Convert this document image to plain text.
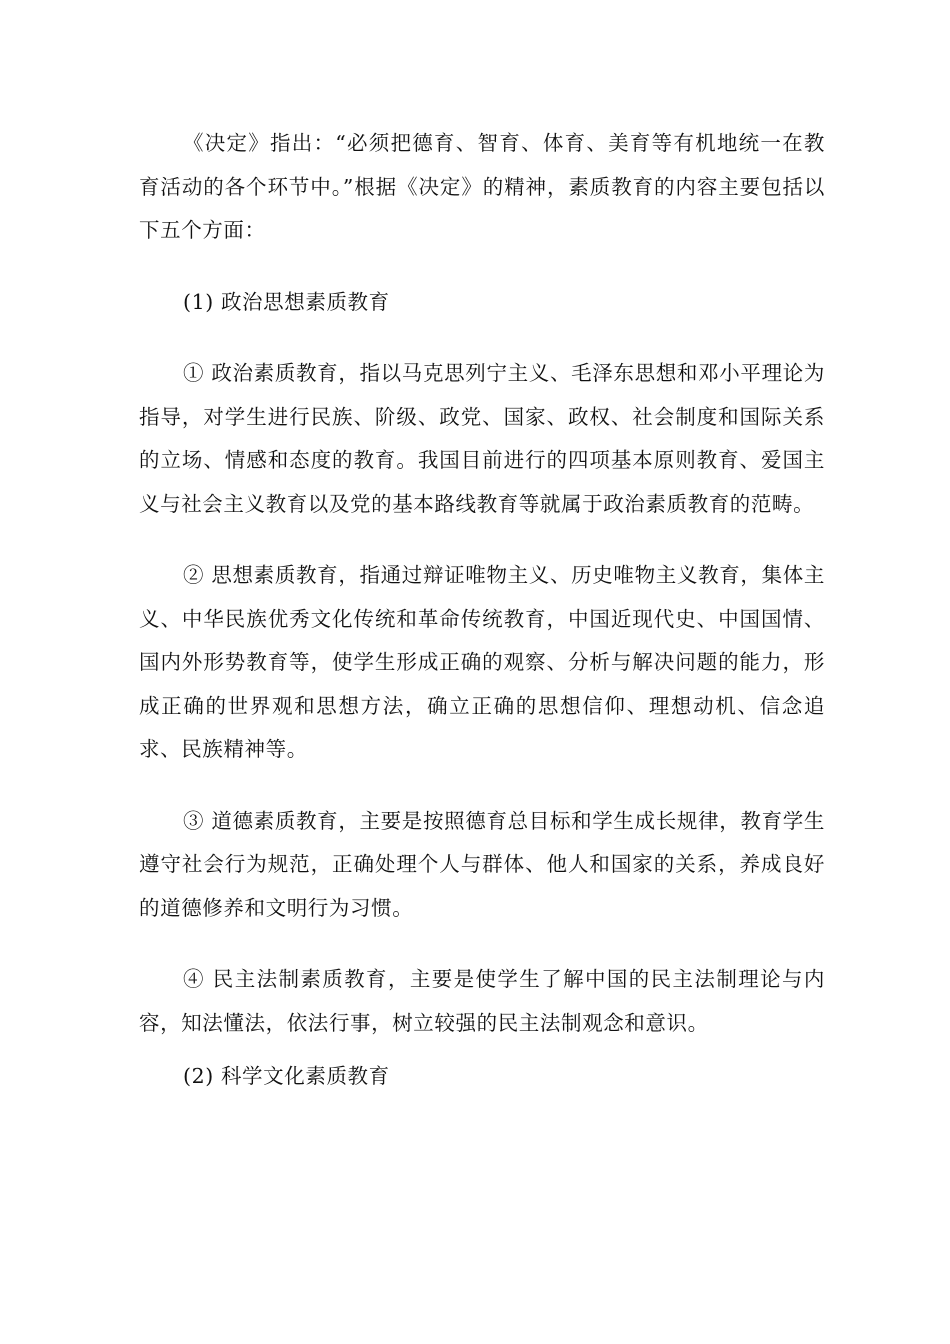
《决定》指出：“必须把德育、智育、体育、美育等有机地统一在教育活动的各个环节中。”根据《决定》的精神，素质教育的内容主要包括以下五个方面：

(1) 政治思想素质教育

① 政治素质教育，指以马克思列宁主义、毛泽东思想和邓小平理论为指导，对学生进行民族、阶级、政党、国家、政权、社会制度和国际关系的立场、情感和态度的教育。我国目前进行的四项基本原则教育、爱国主义与社会主义教育以及党的基本路线教育等就属于政治素质教育的范畴。

② 思想素质教育，指通过辩证唯物主义、历史唯物主义教育，集体主义、中华民族优秀文化传统和革命传统教育，中国近现代史、中国国情、国内外形势教育等，使学生形成正确的观察、分析与解决问题的能力，形成正确的世界观和思想方法，确立正确的思想信仰、理想动机、信念追求、民族精神等。

③ 道德素质教育，主要是按照德育总目标和学生成长规律，教育学生遵守社会行为规范，正确处理个人与群体、他人和国家的关系，养成良好的道德修养和文明行为习惯。

④ 民主法制素质教育，主要是使学生了解中国的民主法制理论与内容，知法懂法，依法行事，树立较强的民主法制观念和意识。

(2) 科学文化素质教育
